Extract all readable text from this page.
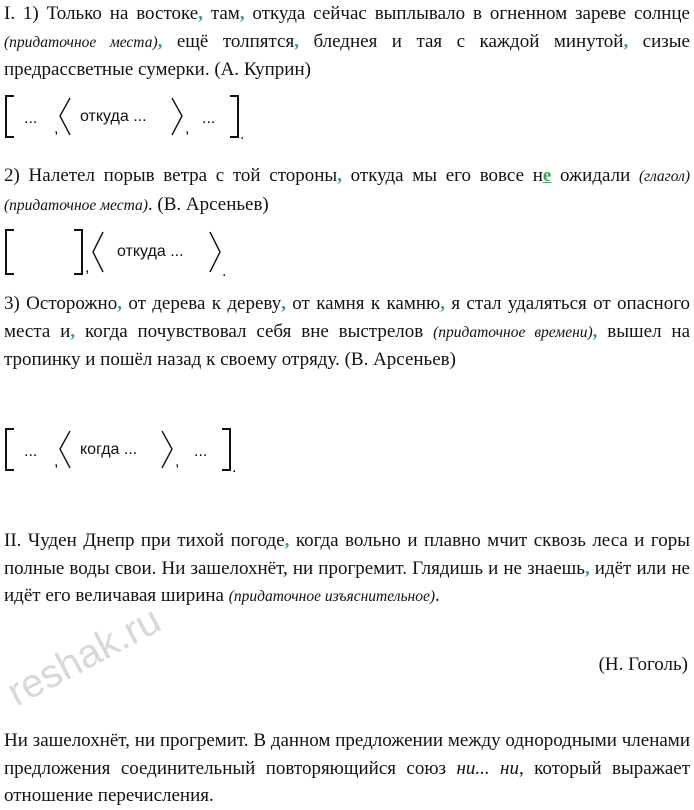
I. 1) Только на востоке, там, откуда сейчас выплывало в огненном зареве солнце (придаточное места), ещё толпятся, бледнея и тая с каждой минутой, сизые предрассветные сумерки. (А. Куприн)

...
,
откуда ...
,
...
.

2) Налетел порыв ветра с той стороны, откуда мы его вовсе не ожидали (глагол) (придаточное места). (В. Арсеньев)

,
откуда ...
.

3) Осторожно, от дерева к дереву, от камня к камню, я стал удаляться от опасного места и, когда почувствовал себя вне выстрелов (придаточное времени), вышел на тропинку и пошёл назад к своему отряду. (В. Арсеньев)

...
,
когда ...
,
...
.

II. Чуден Днепр при тихой погоде, когда вольно и плавно мчит сквозь леса и горы полные воды свои. Ни зашелохнёт, ни прогремит. Глядишь и не знаешь, идёт или не идёт его величавая ширина (придаточное изъяснительное).

(Н. Гоголь)

Ни зашелохнёт, ни прогремит. В данном предложении между однородными членами предложения соединительный повторяющийся союз ни... ни, который выражает отношение перечисления.

reshak.ru
